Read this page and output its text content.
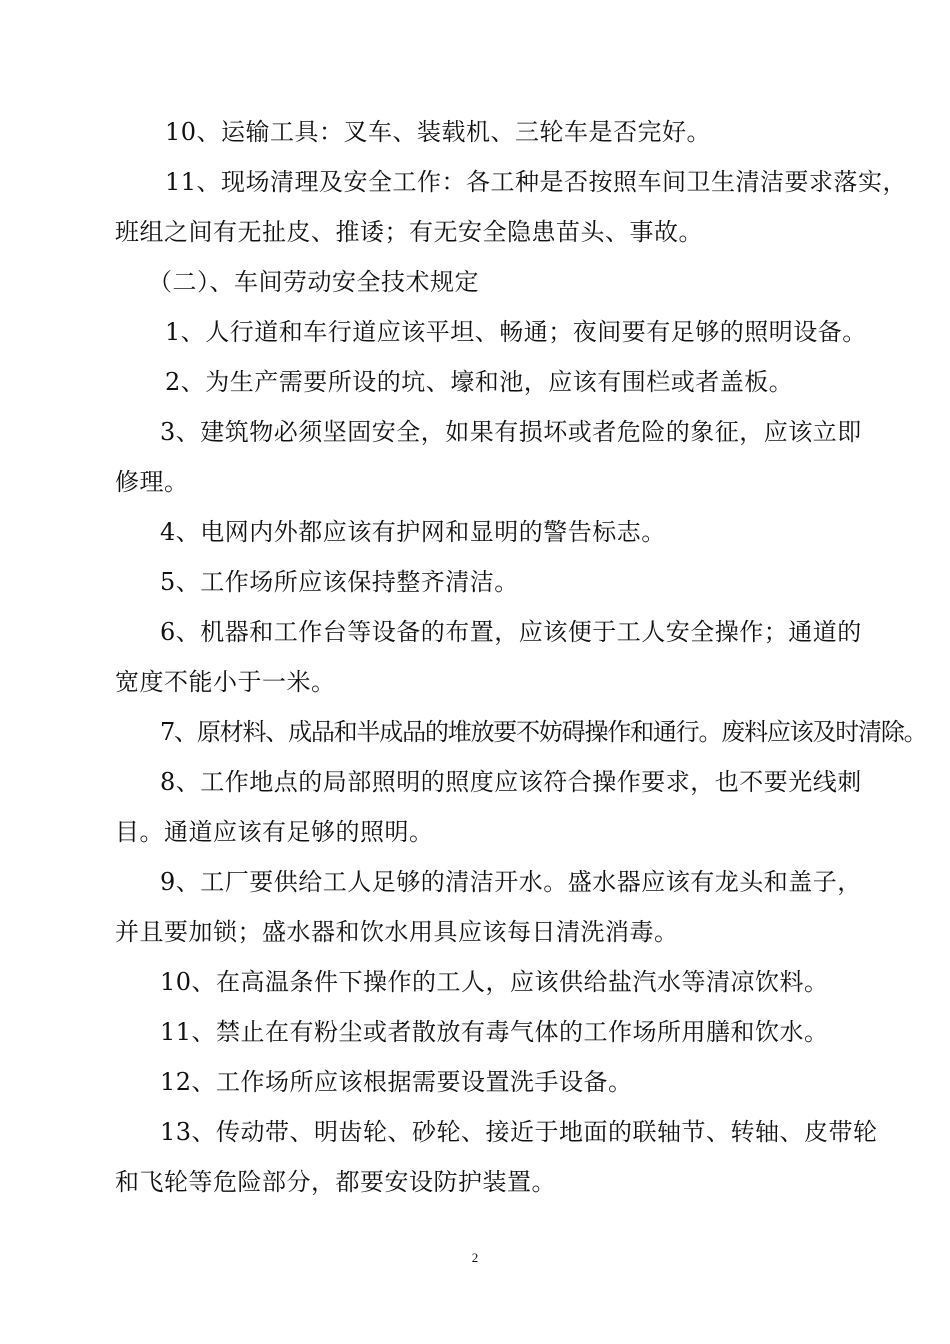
10、运输工具：叉车、装载机、三轮车是否完好。
11、现场清理及安全工作：各工种是否按照车间卫生清洁要求落实，
班组之间有无扯皮、推诿；有无安全隐患苗头、事故。
（二）、车间劳动安全技术规定
1、人行道和车行道应该平坦、畅通；夜间要有足够的照明设备。
2、为生产需要所设的坑、壕和池，应该有围栏或者盖板。
3、建筑物必须坚固安全，如果有损坏或者危险的象征，应该立即
修理。
4、电网内外都应该有护网和显明的警告标志。
5、工作场所应该保持整齐清洁。
6、机器和工作台等设备的布置，应该便于工人安全操作；通道的
宽度不能小于一米。
7、原材料、成品和半成品的堆放要不妨碍操作和通行。废料应该及时清除。
8、工作地点的局部照明的照度应该符合操作要求，也不要光线刺
目。通道应该有足够的照明。
9、工厂要供给工人足够的清洁开水。盛水器应该有龙头和盖子，
并且要加锁；盛水器和饮水用具应该每日清洗消毒。
10、在高温条件下操作的工人，应该供给盐汽水等清凉饮料。
11、禁止在有粉尘或者散放有毒气体的工作场所用膳和饮水。
12、工作场所应该根据需要设置洗手设备。
13、传动带、明齿轮、砂轮、接近于地面的联轴节、转轴、皮带轮
和飞轮等危险部分，都要安设防护装置。
2
